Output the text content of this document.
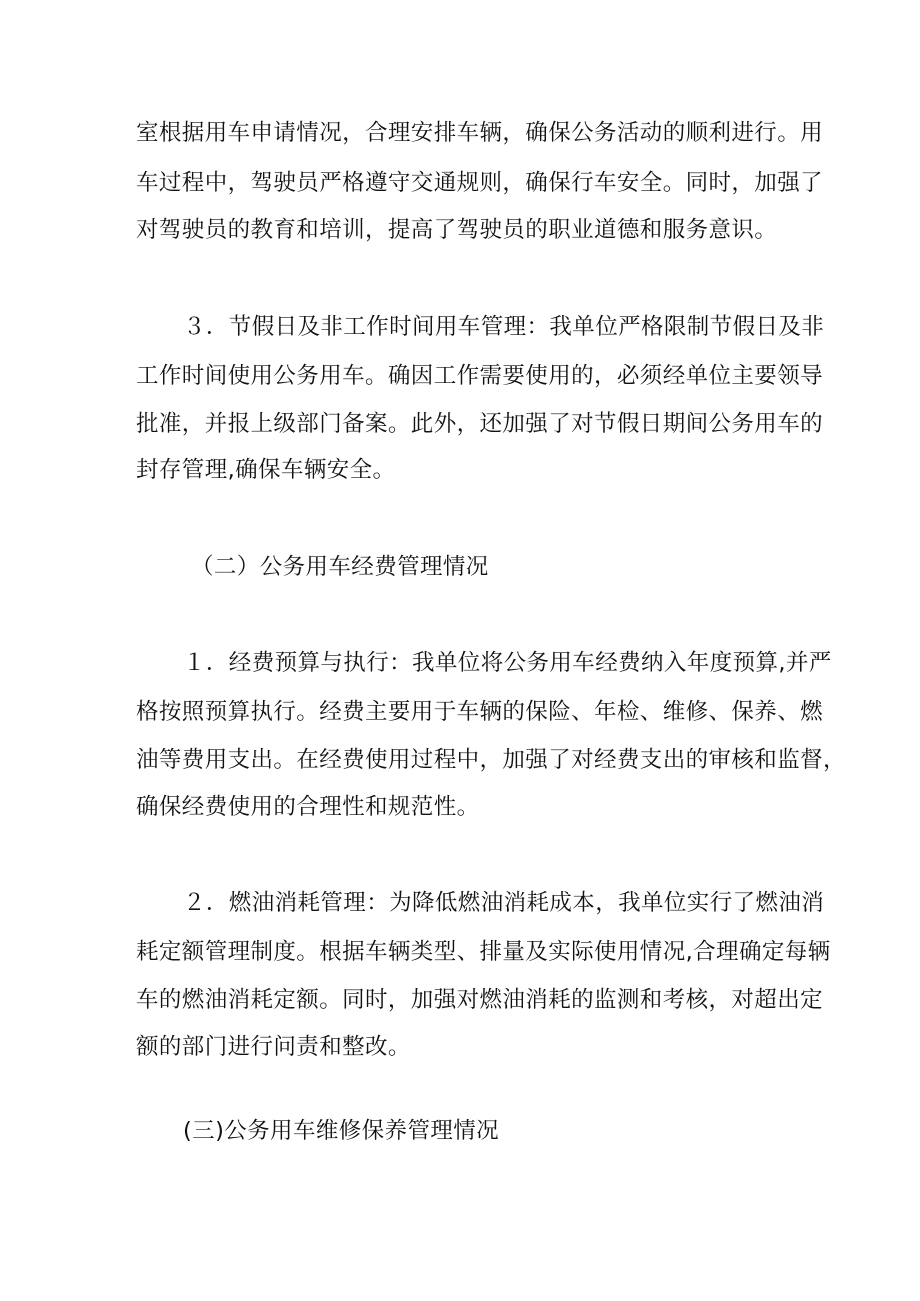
室根据用车申请情况，合理安排车辆，确保公务活动的顺利进行。用

车过程中，驾驶员严格遵守交通规则，确保行车安全。同时，加强了

对驾驶员的教育和培训，提高了驾驶员的职业道德和服务意识。

３．节假日及非工作时间用车管理：我单位严格限制节假日及非

工作时间使用公务用车。确因工作需要使用的，必须经单位主要领导

批准，并报上级部门备案。此外，还加强了对节假日期间公务用车的

封存管理,确保车辆安全。

（二）公务用车经费管理情况

１．经费预算与执行：我单位将公务用车经费纳入年度预算,并严

格按照预算执行。经费主要用于车辆的保险、年检、维修、保养、燃

油等费用支出。在经费使用过程中，加强了对经费支出的审核和监督，

确保经费使用的合理性和规范性。

２．燃油消耗管理：为降低燃油消耗成本，我单位实行了燃油消

耗定额管理制度。根据车辆类型、排量及实际使用情况,合理确定每辆

车的燃油消耗定额。同时，加强对燃油消耗的监测和考核，对超出定

额的部门进行问责和整改。

(三)公务用车维修保养管理情况
